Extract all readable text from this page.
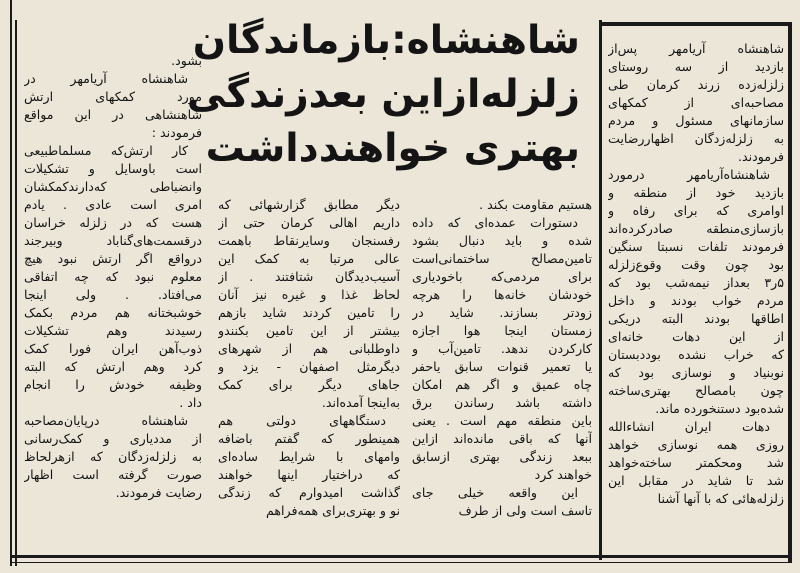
شاهنشاه:بازماندگان
زلزله‌ازاین بعدزندگی
بهتری خواهندداشت
شاهنشاه آریامهر پس‌از
بازدید از سه روستای
زلزله‌زده زرند کرمان طی
مصاحبه‌ای از کمکهای
سازمانهای مسئول و مردم
به زلزله‌زدگان اظهاررضایت
فرمودند.
شاهنشاه‌آریامهر درمورد
بازدید خود از منطقه و
اوامری که برای رفاه و
بازسازی‌منطقه صادرکرده‌اند
فرمودند تلفات نسبتا سنگین
بود چون وقت وقوع‌زلزله
۵ر۳ بعداز نیمه‌شب بود که
مردم خواب بودند و داخل
اطاقها بودند البته دریکی
از این دهات خانه‌ای
که خراب نشده بوددبستان
نوبنیاد و نوسازی بود که
چون بامصالح بهتری‌ساخته
شده‌بود دستنخورده ماند.
دهات ایران انشاءالله
روزی همه نوسازی خواهد
شد ومحکمتر ساخته‌خواهد
شد تا شاید در مقابل این
زلزله‌هائی که با آنها آشنا
هستیم مقاومت بکند .
دستورات عمده‌ای که داده
شده و باید دنبال بشود
تامین‌مصالح ساختمانی‌است
برای مردمی‌که باخودیاری
خودشان خانه‌ها را هرچه
زودتر بسازند. شاید در
زمستان اینجا هوا اجازه
کارکردن ندهد. تامین‌آب و
یا تعمیر قنوات سابق یاحفر
چاه عمیق و اگر هم امکان
داشته باشد رساندن برق
باین منطقه مهم است . یعنی
آنها که باقی مانده‌اند ازاین
ببعد زندگی بهتری ازسابق
خواهند کرد
این واقعه خیلی جای
تاسف است ولی از طرف
دیگر مطابق گزارشهائی که
داریم اهالی کرمان حتی از
رفسنجان وسایرنقاط باهمت
عالی مرتبا به کمک این
آسیب‌دیدگان شتافتند . از
لحاظ غذا و غیره نیز آنان
را تامین کردند شاید بازهم
بیشتر از این تامین بکنندو
داوطلبانی هم از شهرهای
دیگرمثل اصفهان - یزد و
جاهای دیگر برای کمک
به‌اینجا آمده‌اند.
دستگاههای دولتی هم
همینطور که گفتم باضافه
وامهای با شرایط ساده‌ای
که دراختیار اینها خواهند
گذاشت امیدوارم که زندگی
نو و بهتری‌برای همه‌فراهم
بشود.
شاهنشاه آریامهر در
مورد کمکهای ارتش
شاهنشاهی در این مواقع
فرمودند :
کار ارتش‌که مسلماطبیعی
است باوسایل و تشکیلات
وانضباطی که‌دارندکمکشان
امری است عادی . یادم
هست که در زلزله خراسان
درقسمت‌های‌گناباد وبیرجند
درواقع اگر ارتش نبود هیچ
معلوم نبود که چه اتفاقی
می‌افتاد. . ولی اینجا
خوشبختانه هم مردم بکمک
رسیدند وهم تشکیلات
ذوب‌آهن ایران فورا کمک
کرد وهم ارتش که البته
وظیفه خودش را انجام
داد .
شاهنشاه درپایان‌مصاحبه
از مددیاری و کمک‌رسانی
به زلزله‌زدگان که ازهرلحاظ
صورت گرفته است اظهار
رضایت فرمودند.
